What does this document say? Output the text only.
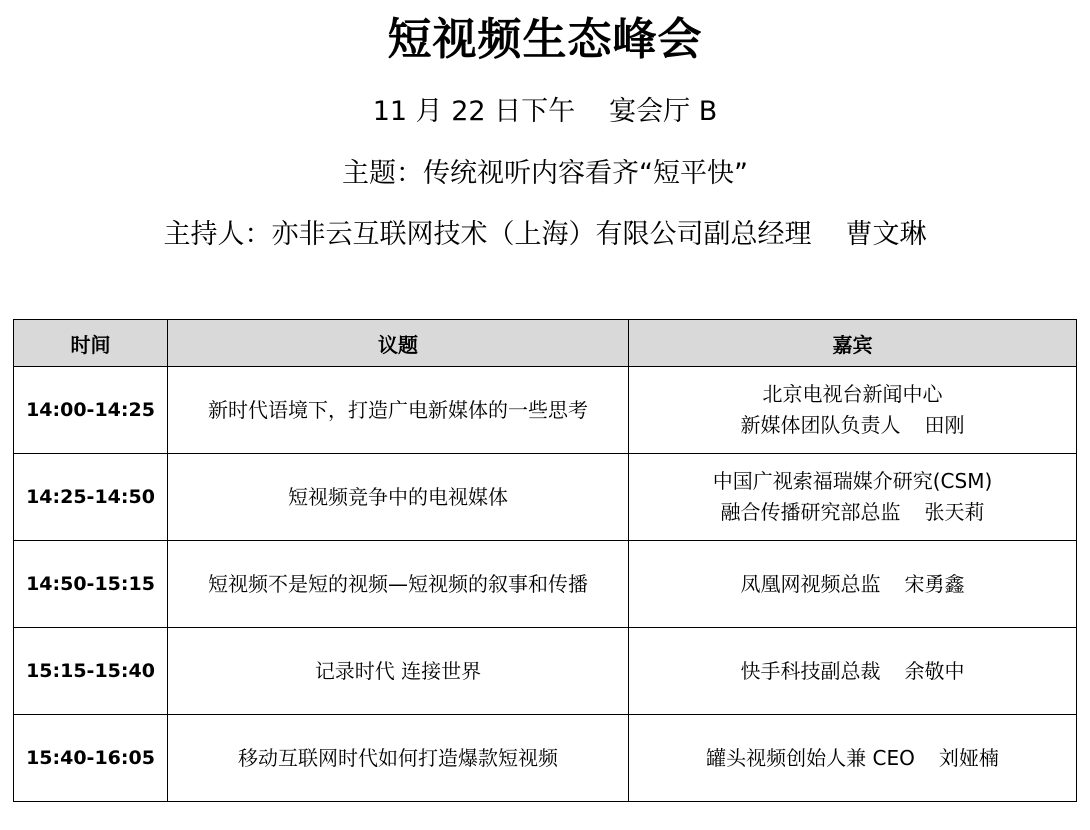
短视频生态峰会
11 月 22 日下午 宴会厅 B
主题：传统视听内容看齐“短平快”
主持人：亦非云互联网技术（上海）有限公司副总经理 曹文琳
时间	议题	嘉宾
14:00-14:25	新时代语境下，打造广电新媒体的一些思考	北京电视台新闻中心
新媒体团队负责人 田刚

14:25-14:50	短视频竞争中的电视媒体	中国广视索福瑞媒介研究(CSM)
融合传播研究部总监 张天莉

14:50-15:15	短视频不是短的视频—短视频的叙事和传播	凤凰网视频总监 宋勇鑫

15:15-15:40	记录时代 连接世界	快手科技副总裁 余敬中

15:40-16:05	移动互联网时代如何打造爆款短视频	罐头视频创始人兼 CEO 刘娅楠
